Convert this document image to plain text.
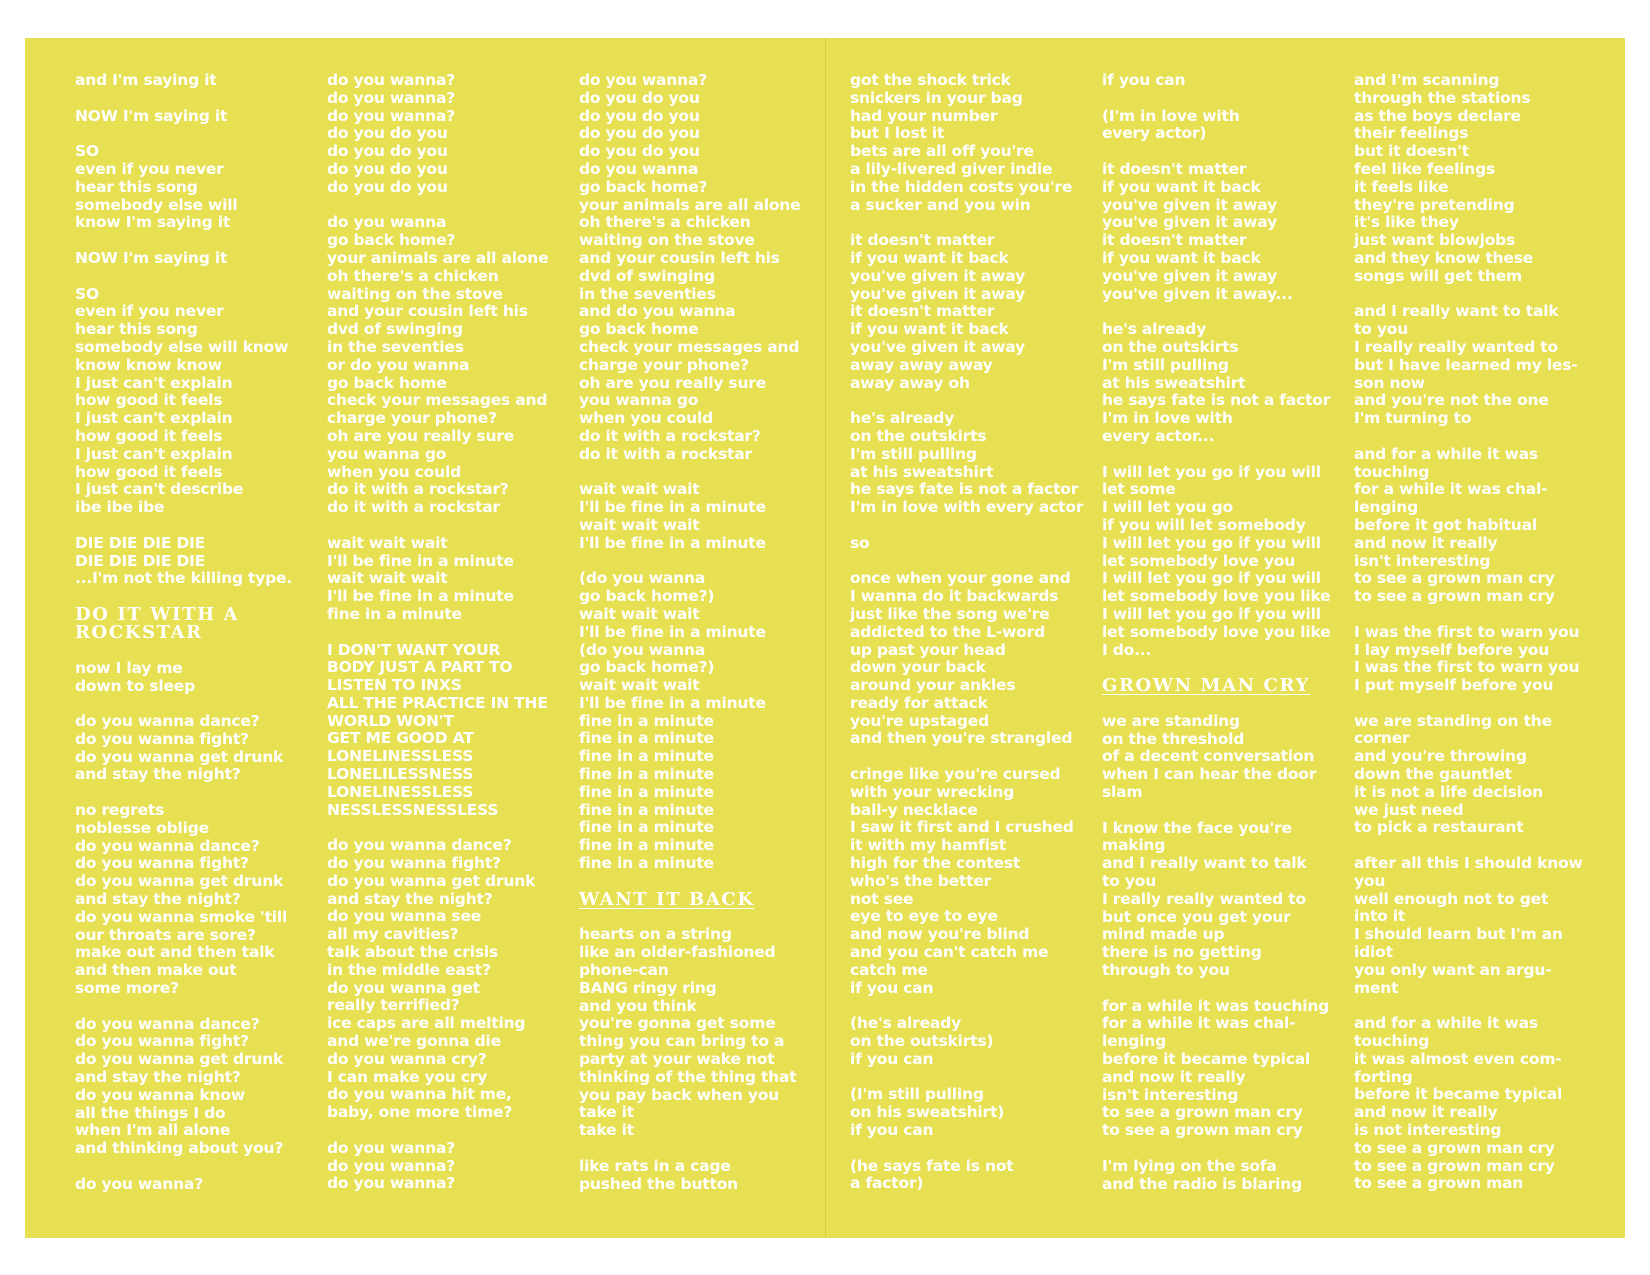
and I'm saying it
NOW I'm saying it
SO
even if you never
hear this song
somebody else will
know I'm saying it
NOW I'm saying it
SO
even if you never
hear this song
somebody else will know
know know know
I just can't explain
how good it feels
I just can't explain
how good it feels
I just can't explain
how good it feels
I just can't describe
ibe ibe ibe
DIE DIE DIE DIE
DIE DIE DIE DIE
...I'm not the killing type.
DO IT WITH A
ROCKSTAR
now I lay me
down to sleep
do you wanna dance?
do you wanna fight?
do you wanna get drunk
and stay the night?
no regrets
noblesse oblige
do you wanna dance?
do you wanna fight?
do you wanna get drunk
and stay the night?
do you wanna smoke 'till
our throats are sore?
make out and then talk
and then make out
some more?
do you wanna dance?
do you wanna fight?
do you wanna get drunk
and stay the night?
do you wanna know
all the things I do
when I'm all alone
and thinking about you?
do you wanna?
do you wanna?
do you wanna?
do you wanna?
do you do you
do you do you
do you do you
do you do you
do you wanna
go back home?
your animals are all alone
oh there's a chicken
waiting on the stove
and your cousin left his
dvd of swinging
in the seventies
or do you wanna
go back home
check your messages and
charge your phone?
oh are you really sure
you wanna go
when you could
do it with a rockstar?
do it with a rockstar
wait wait wait
I'll be fine in a minute
wait wait wait
I'll be fine in a minute
fine in a minute
I DON'T WANT YOUR
BODY JUST A PART TO
LISTEN TO INXS
ALL THE PRACTICE IN THE
WORLD WON'T
GET ME GOOD AT
LONELINESSLESS
LONELILESSNESS
LONELINESSLESS
NESSLESSNESSLESS
do you wanna dance?
do you wanna fight?
do you wanna get drunk
and stay the night?
do you wanna see
all my cavities?
talk about the crisis
in the middle east?
do you wanna get
really terrified?
ice caps are all melting
and we're gonna die
do you wanna cry?
I can make you cry
do you wanna hit me,
baby, one more time?
do you wanna?
do you wanna?
do you wanna?
do you wanna?
do you do you
do you do you
do you do you
do you do you
do you wanna
go back home?
your animals are all alone
oh there's a chicken
waiting on the stove
and your cousin left his
dvd of swinging
in the seventies
and do you wanna
go back home
check your messages and
charge your phone?
oh are you really sure
you wanna go
when you could
do it with a rockstar?
do it with a rockstar
wait wait wait
I'll be fine in a minute
wait wait wait
I'll be fine in a minute
(do you wanna
go back home?)
wait wait wait
I'll be fine in a minute
(do you wanna
go back home?)
wait wait wait
I'll be fine in a minute
fine in a minute
fine in a minute
fine in a minute
fine in a minute
fine in a minute
fine in a minute
fine in a minute
fine in a minute
fine in a minute
WANT IT BACK
hearts on a string
like an older-fashioned
phone-can
BANG ringy ring
and you think
you're gonna get some
thing you can bring to a
party at your wake not
thinking of the thing that
you pay back when you
take it
take it
like rats in a cage
pushed the button
got the shock trick
snickers in your bag
had your number
but I lost it
bets are all off you're
a lily-livered giver indie
in the hidden costs you're
a sucker and you win
it doesn't matter
if you want it back
you've given it away
you've given it away
it doesn't matter
if you want it back
you've given it away
away away away
away away oh
he's already
on the outskirts
I'm still pulling
at his sweatshirt
he says fate is not a factor
I'm in love with every actor
so
once when your gone and
I wanna do it backwards
just like the song we're
addicted to the L-word
up past your head
down your back
around your ankles
ready for attack
you're upstaged
and then you're strangled
cringe like you're cursed
with your wrecking
ball-y necklace
I saw it first and I crushed
it with my hamfist
high for the contest
who's the better
not see
eye to eye to eye
and now you're blind
and you can't catch me
catch me
if you can
(he's already
on the outskirts)
if you can
(I'm still pulling
on his sweatshirt)
if you can
(he says fate is not
a factor)
if you can
(I'm in love with
every actor)
it doesn't matter
if you want it back
you've given it away
you've given it away
it doesn't matter
if you want it back
you've given it away
you've given it away...
he's already
on the outskirts
I'm still pulling
at his sweatshirt
he says fate is not a factor
I'm in love with
every actor...
I will let you go if you will
let some
I will let you go
if you will let somebody
I will let you go if you will
let somebody love you
I will let you go if you will
let somebody love you like
I will let you go if you will
let somebody love you like
I do...
GROWN MAN CRY
we are standing
on the threshold
of a decent conversation
when I can hear the door
slam
I know the face you're
making
and I really want to talk
to you
I really really wanted to
but once you get your
mind made up
there is no getting
through to you
for a while it was touching
for a while it was chal-
lenging
before it became typical
and now it really
isn't interesting
to see a grown man cry
to see a grown man cry
I'm lying on the sofa
and the radio is blaring
and I'm scanning
through the stations
as the boys declare
their feelings
but it doesn't
feel like feelings
it feels like
they're pretending
it's like they
just want blowjobs
and they know these
songs will get them
and I really want to talk
to you
I really really wanted to
but I have learned my les-
son now
and you're not the one
I'm turning to
and for a while it was
touching
for a while it was chal-
lenging
before it got habitual
and now it really
isn't interesting
to see a grown man cry
to see a grown man cry
I was the first to warn you
I lay myself before you
I was the first to warn you
I put myself before you
we are standing on the
corner
and you're throwing
down the gauntlet
it is not a life decision
we just need
to pick a restaurant
after all this I should know
you
well enough not to get
into it
I should learn but I'm an
idiot
you only want an argu-
ment
and for a while it was
touching
it was almost even com-
forting
before it became typical
and now it really
is not interesting
to see a grown man cry
to see a grown man cry
to see a grown man
